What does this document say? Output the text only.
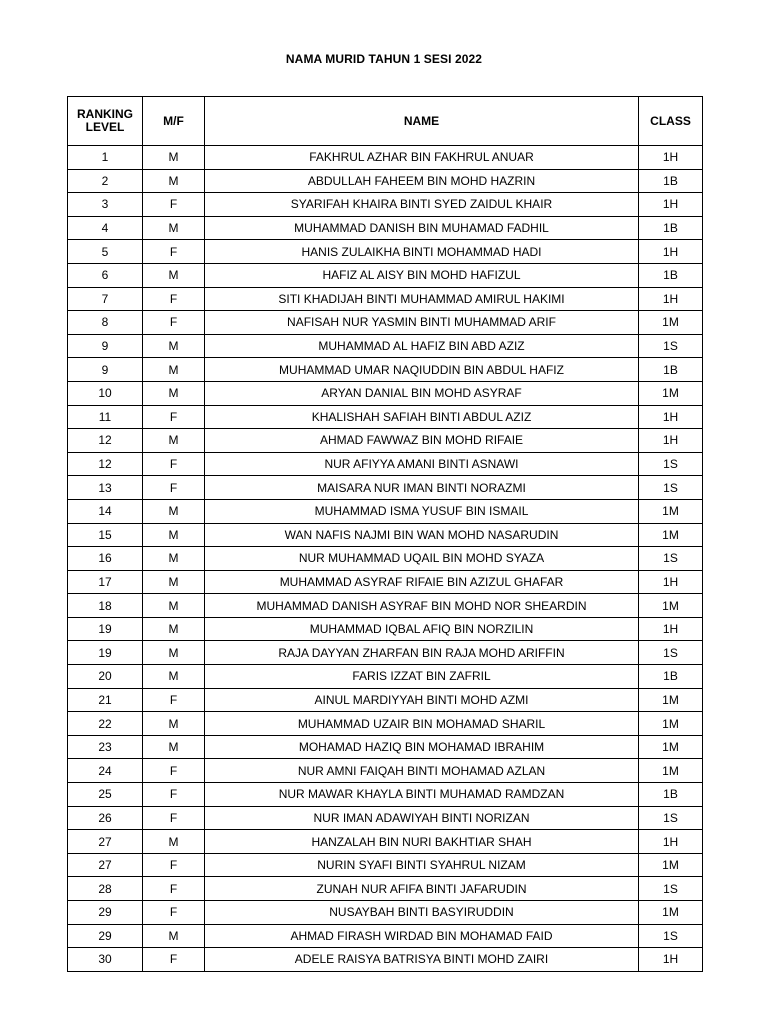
NAMA MURID TAHUN 1 SESI 2022
RANKING
LEVEL	M/F	NAME	CLASS
1	M	FAKHRUL AZHAR BIN FAKHRUL ANUAR	1H
2	M	ABDULLAH FAHEEM BIN MOHD HAZRIN	1B
3	F	SYARIFAH KHAIRA BINTI SYED ZAIDUL KHAIR	1H
4	M	MUHAMMAD DANISH BIN MUHAMAD FADHIL	1B
5	F	HANIS ZULAIKHA BINTI MOHAMMAD HADI	1H
6	M	HAFIZ AL AISY BIN MOHD HAFIZUL	1B
7	F	SITI KHADIJAH BINTI MUHAMMAD AMIRUL HAKIMI	1H
8	F	NAFISAH NUR YASMIN BINTI MUHAMMAD ARIF	1M
9	M	MUHAMMAD AL HAFIZ BIN ABD AZIZ	1S
9	M	MUHAMMAD UMAR NAQIUDDIN BIN ABDUL HAFIZ	1B
10	M	ARYAN DANIAL BIN MOHD ASYRAF	1M
11	F	KHALISHAH SAFIAH BINTI ABDUL AZIZ	1H
12	M	AHMAD FAWWAZ BIN MOHD RIFAIE	1H
12	F	NUR AFIYYA AMANI BINTI ASNAWI	1S
13	F	MAISARA NUR IMAN BINTI NORAZMI	1S
14	M	MUHAMMAD ISMA YUSUF BIN ISMAIL	1M
15	M	WAN NAFIS NAJMI BIN WAN MOHD NASARUDIN	1M
16	M	NUR MUHAMMAD UQAIL BIN MOHD SYAZA	1S
17	M	MUHAMMAD ASYRAF RIFAIE BIN AZIZUL GHAFAR	1H
18	M	MUHAMMAD DANISH ASYRAF BIN MOHD NOR SHEARDIN	1M
19	M	MUHAMMAD IQBAL AFIQ BIN NORZILIN	1H
19	M	RAJA DAYYAN ZHARFAN BIN RAJA MOHD ARIFFIN	1S
20	M	FARIS IZZAT BIN ZAFRIL	1B
21	F	AINUL MARDIYYAH BINTI MOHD AZMI	1M
22	M	MUHAMMAD UZAIR BIN MOHAMAD SHARIL	1M
23	M	MOHAMAD HAZIQ BIN MOHAMAD IBRAHIM	1M
24	F	NUR AMNI FAIQAH BINTI MOHAMAD AZLAN	1M
25	F	NUR MAWAR KHAYLA BINTI MUHAMAD RAMDZAN	1B
26	F	NUR IMAN ADAWIYAH BINTI NORIZAN	1S
27	M	HANZALAH BIN NURI BAKHTIAR SHAH	1H
27	F	NURIN SYAFI BINTI SYAHRUL NIZAM	1M
28	F	ZUNAH NUR AFIFA BINTI JAFARUDIN	1S
29	F	NUSAYBAH BINTI BASYIRUDDIN	1M
29	M	AHMAD FIRASH WIRDAD BIN MOHAMAD FAID	1S
30	F	ADELE RAISYA BATRISYA BINTI MOHD ZAIRI	1H
